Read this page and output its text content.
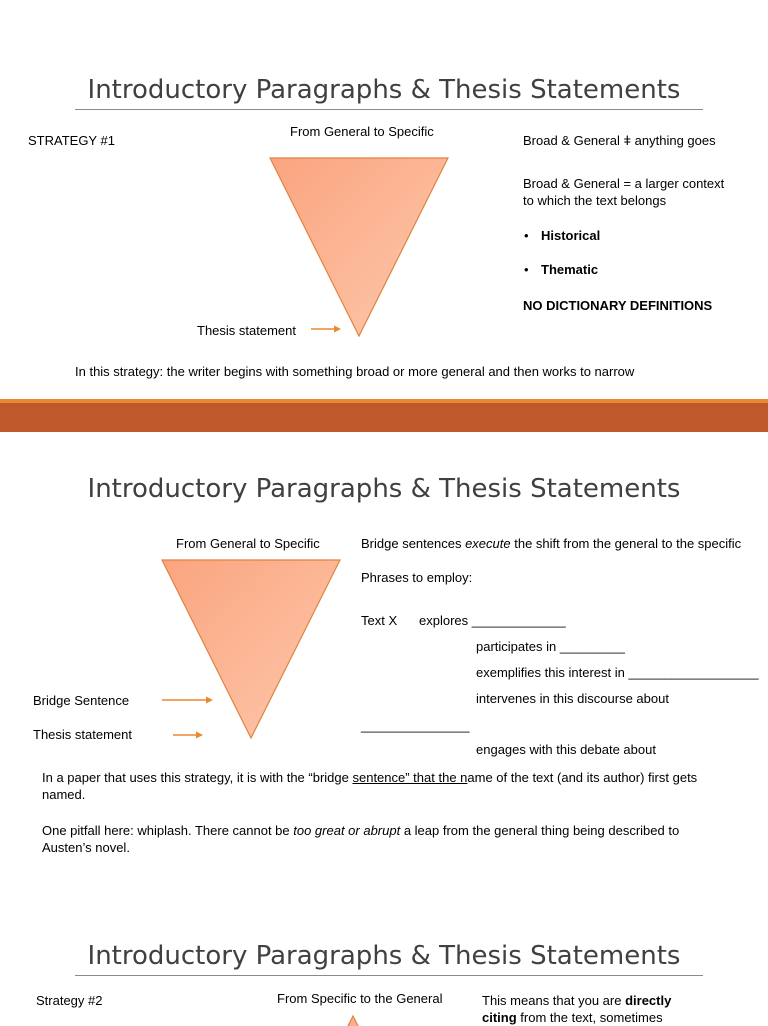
Introductory Paragraphs & Thesis Statements
STRATEGY #1
From General to Specific
Thesis statement
Broad & General ǂ anything goes
Broad & General = a larger context
to which the text belongs
• Historical
• Thematic
NO DICTIONARY DEFINITIONS
In this strategy: the writer begins with something broad or more general and then works to narrow
Introductory Paragraphs & Thesis Statements
From General to Specific
Bridge Sentence
Thesis statement
Bridge sentences execute the shift from the general to the specific
Phrases to employ:
Text X explores _____________
participates in _________
exemplifies this interest in __________________
intervenes in this discourse about
_______________
engages with this debate about
In a paper that uses this strategy, it is with the “bridge sentence” that the name of the text (and its author) first gets
named.
One pitfall here: whiplash. There cannot be too great or abrupt a leap from the general thing being described to
Austen’s novel.
Introductory Paragraphs & Thesis Statements
Strategy #2	From Specific to the General	This means that you are directly
citing from the text, sometimes
